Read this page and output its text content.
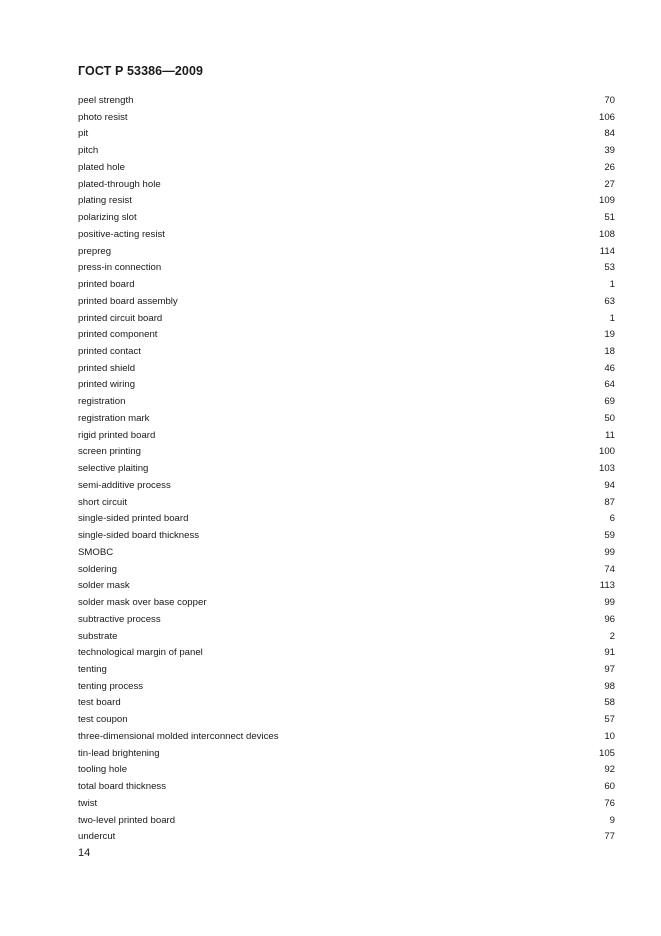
ГОСТ Р 53386—2009
peel strength	70
photo resist	106
pit	84
pitch	39
plated hole	26
plated-through hole	27
plating resist	109
polarizing slot	51
positive-acting resist	108
prepreg	114
press-in connection	53
printed board	1
printed board assembly	63
printed circuit board	1
printed component	19
printed contact	18
printed shield	46
printed wiring	64
registration	69
registration mark	50
rigid printed board	11
screen printing	100
selective plaiting	103
semi-additive process	94
short circuit	87
single-sided printed board	6
single-sided board thickness	59
SMOBC	99
soldering	74
solder mask	113
solder mask over base copper	99
subtractive process	96
substrate	2
technological margin of panel	91
tenting	97
tenting process	98
test board	58
test coupon	57
three-dimensional molded interconnect devices	10
tin-lead brightening	105
tooling hole	92
total board thickness	60
twist	76
two-level printed board	9
undercut	77
14
